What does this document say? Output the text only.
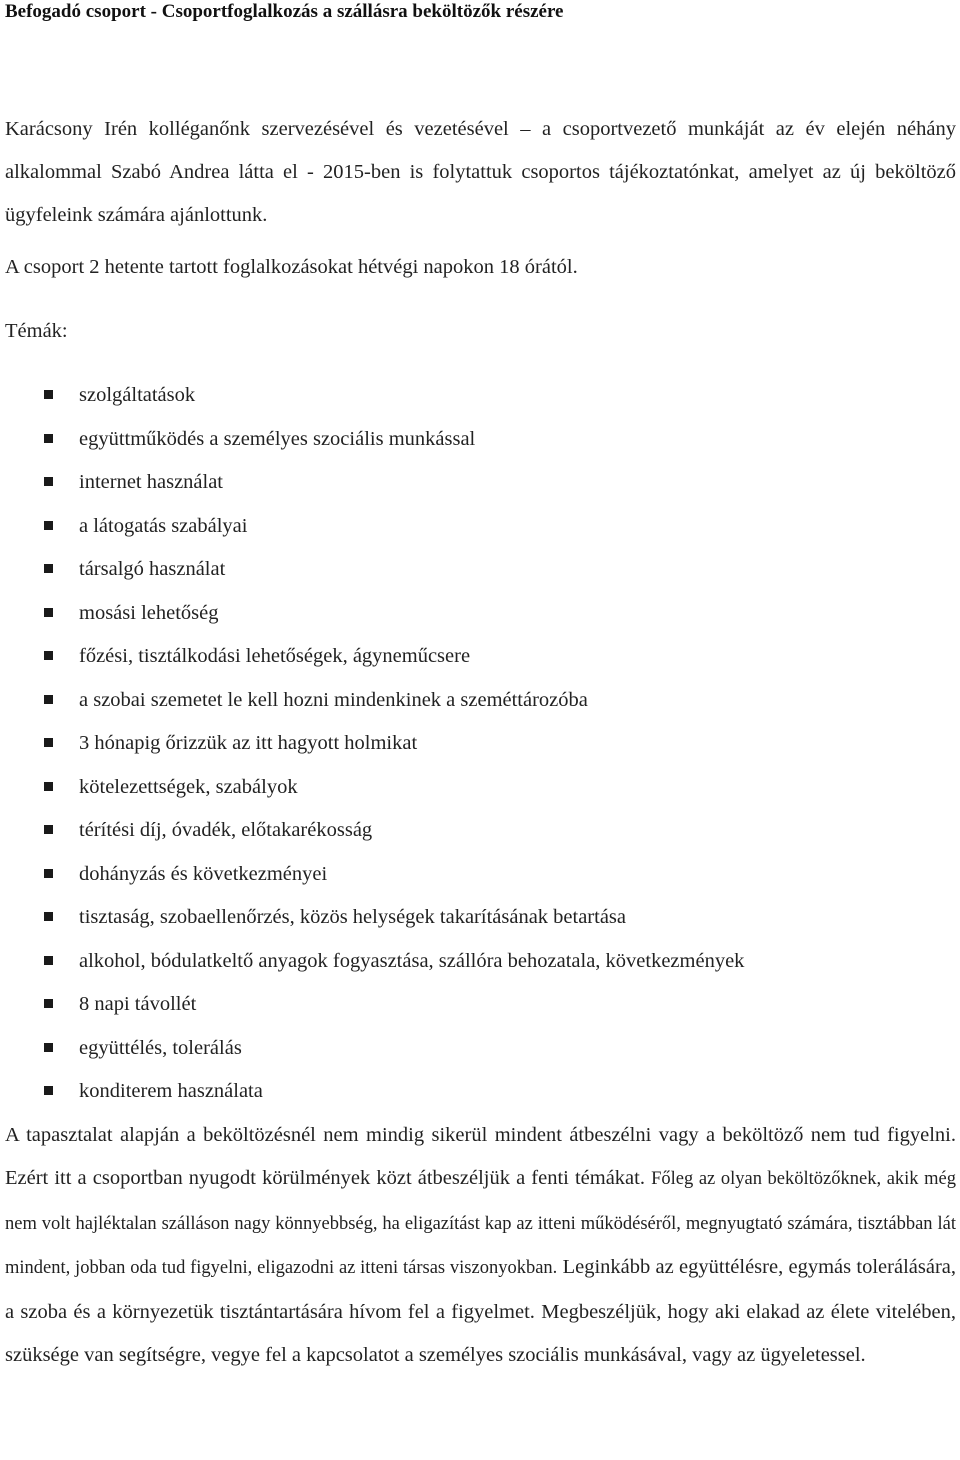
Befogadó csoport - Csoportfoglalkozás a szállásra beköltözők részére

Karácsony Irén kolléganőnk szervezésével és vezetésével – a csoportvezető munkáját az év elején néhány alkalommal Szabó Andrea látta el - 2015-ben is folytattuk csoportos tájékoztatónkat, amelyet az új beköltöző ügyfeleink számára ajánlottunk.

A csoport 2 hetente tartott foglalkozásokat hétvégi napokon 18 órától.

Témák:

szolgáltatások
együttműködés a személyes szociális munkással
internet használat
a látogatás szabályai
társalgó használat
mosási lehetőség
főzési, tisztálkodási lehetőségek, ágyneműcsere
a szobai szemetet le kell hozni mindenkinek a szeméttározóba
3 hónapig őrizzük az itt hagyott holmikat
kötelezettségek, szabályok
térítési díj, óvadék, előtakarékosság
dohányzás és következményei
tisztaság, szobaellenőrzés, közös helységek takarításának betartása
alkohol, bódulatkeltő anyagok fogyasztása, szállóra behozatala, következmények
8 napi távollét
együttélés, tolerálás
konditerem használata

A tapasztalat alapján a beköltözésnél nem mindig sikerül mindent átbeszélni vagy a beköltöző nem tud figyelni. Ezért itt a csoportban nyugodt körülmények közt átbeszéljük a fenti témákat. Főleg az olyan beköltözőknek, akik még nem volt hajléktalan szálláson nagy könnyebbség, ha eligazítást kap az itteni működéséről, megnyugtató számára, tisztábban lát mindent, jobban oda tud figyelni, eligazodni az itteni társas viszonyokban. Leginkább az együttélésre, egymás tolerálására, a szoba és a környezetük tisztántartására hívom fel a figyelmet. Megbeszéljük, hogy aki elakad az élete vitelében, szüksége van segítségre, vegye fel a kapcsolatot a személyes szociális munkásával, vagy az ügyeletessel.
